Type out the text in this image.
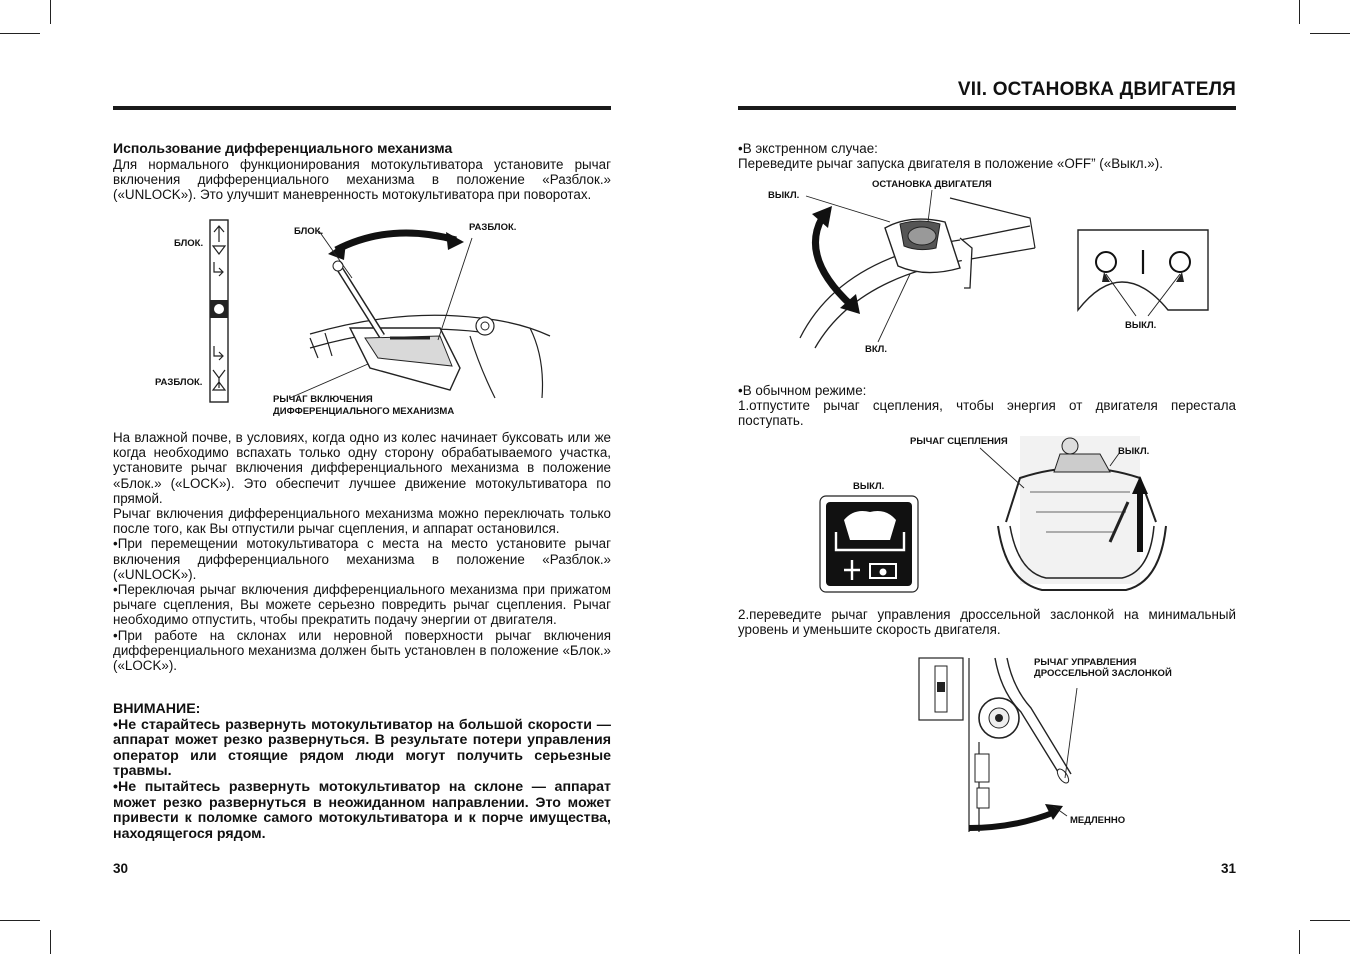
Использование дифференциального механизма
Для нормального функционирования мотокультиватора установите рычаг включения дифференциального механизма в положение «Разблок.» («UNLOCK»). Это улучшит маневренность мотокультиватора при поворотах.
БЛОК.
РАЗБЛОК.
БЛОК.	РАЗБЛОК.
РЫЧАГ ВКЛЮЧЕНИЯ
ДИФФЕРЕНЦИАЛЬНОГО МЕХАНИЗМА

На влажной почве, в условиях, когда одно из колес начинает буксовать или же когда необходимо вспахать только одну сторону обрабатываемого участка, установите рычаг включения дифференциального механизма в положение «Блок.» («LOCK»). Это обеспечит лучшее движение мотокультиватора по прямой.

Рычаг включения дифференциального механизма можно переключать только после того, как Вы отпустили рычаг сцепления, и аппарат остановился.

•При перемещении мотокультиватора с места на место установите рычаг включения дифференциального механизма в положение «Разблок.» («UNLOCK»).

•Переключая рычаг включения дифференциального механизма при прижатом рычаге сцепления, Вы можете серьезно повредить рычаг сцепления. Рычаг необходимо отпустить, чтобы прекратить подачу энергии от двигателя.

•При работе на склонах или неровной поверхности рычаг включения дифференциального механизма должен быть установлен в положение «Блок.» («LOCK»).

ВНИМАНИЕ:
•Не старайтесь развернуть мотокультиватор на большой скорости — аппарат может резко развернуться. В результате потери управления оператор или стоящие рядом люди могут получить серьезные травмы.
•Не пытайтесь развернуть мотокультиватор на склоне — аппарат может резко развернуться в неожиданном направлении. Это может привести к поломке самого мотокультиватора и к порче имущества, находящегося рядом.
30
VII. ОСТАНОВКА ДВИГАТЕЛЯ
•В экстренном случае:
Переведите рычаг запуска двигателя в положение «OFF” («Выкл.»).
ВЫКЛ.
ОСТАНОВКА ДВИГАТЕЛЯ
ВКЛ.
ВЫКЛ.
•В обычном режиме:
1.отпустите рычаг сцепления, чтобы энергия от двигателя перестала поступать.
РЫЧАГ СЦЕПЛЕНИЯ
ВЫКЛ.
ВЫКЛ.
2.переведите рычаг управления дроссельной заслонкой на минимальный уровень и уменьшите скорость двигателя.
РЫЧАГ УПРАВЛЕНИЯ
ДРОССЕЛЬНОЙ ЗАСЛОНКОЙ
МЕДЛЕННО
31
